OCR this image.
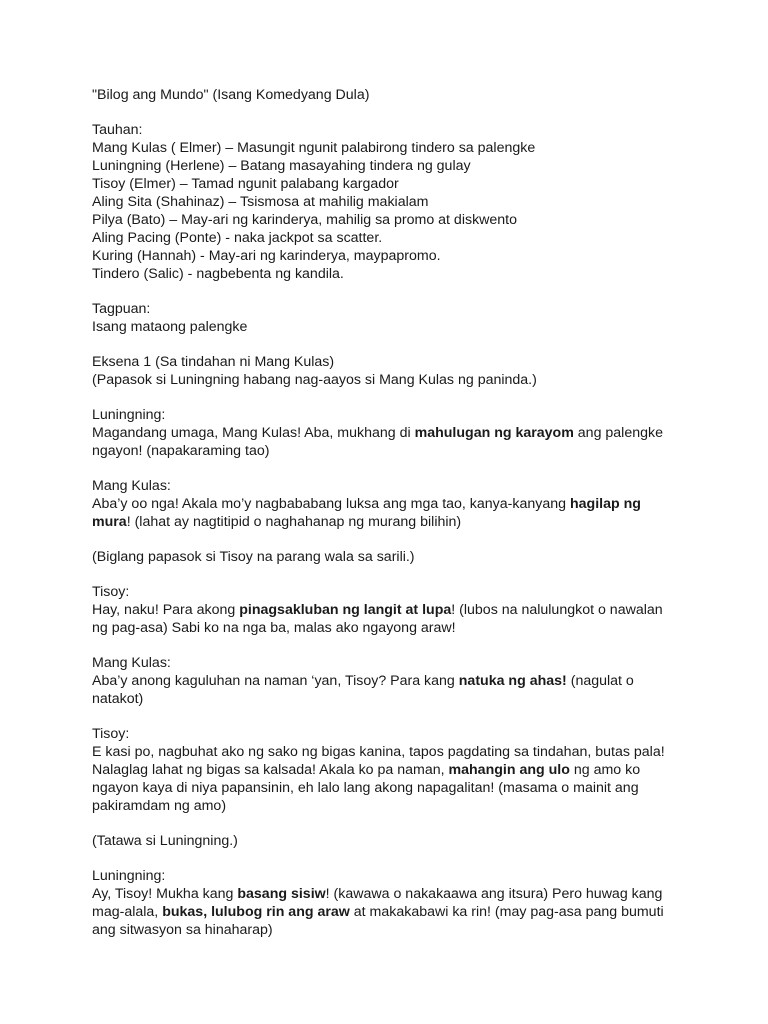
"Bilog ang Mundo" (Isang Komedyang Dula)
Tauhan:
Mang Kulas ( Elmer) – Masungit ngunit palabirong tindero sa palengke
Luningning (Herlene) – Batang masayahing tindera ng gulay
Tisoy (Elmer) – Tamad ngunit palabang kargador
Aling Sita (Shahinaz) – Tsismosa at mahilig makialam
Pilya (Bato) – May-ari ng karinderya, mahilig sa promo at diskwento
Aling Pacing (Ponte) - naka jackpot sa scatter.
Kuring (Hannah) - May-ari ng karinderya, maypapromo.
Tindero (Salic) - nagbebenta ng kandila.
Tagpuan:
Isang mataong palengke
Eksena 1 (Sa tindahan ni Mang Kulas)
(Papasok si Luningning habang nag-aayos si Mang Kulas ng paninda.)
Luningning:
Magandang umaga, Mang Kulas! Aba, mukhang di mahulugan ng karayom ang palengke
ngayon! (napakaraming tao)
Mang Kulas:
Aba’y oo nga! Akala mo’y nagbababang luksa ang mga tao, kanya-kanyang hagilap ng
mura! (lahat ay nagtitipid o naghahanap ng murang bilihin)
(Biglang papasok si Tisoy na parang wala sa sarili.)
Tisoy:
Hay, naku! Para akong pinagsakluban ng langit at lupa! (lubos na nalulungkot o nawalan
ng pag-asa) Sabi ko na nga ba, malas ako ngayong araw!
Mang Kulas:
Aba’y anong kaguluhan na naman ‘yan, Tisoy? Para kang natuka ng ahas! (nagulat o
natakot)
Tisoy:
E kasi po, nagbuhat ako ng sako ng bigas kanina, tapos pagdating sa tindahan, butas pala!
Nalaglag lahat ng bigas sa kalsada! Akala ko pa naman, mahangin ang ulo ng amo ko
ngayon kaya di niya papansinin, eh lalo lang akong napagalitan! (masama o mainit ang
pakiramdam ng amo)
(Tatawa si Luningning.)
Luningning:
Ay, Tisoy! Mukha kang basang sisiw! (kawawa o nakakaawa ang itsura) Pero huwag kang
mag-alala, bukas, lulubog rin ang araw at makakabawi ka rin! (may pag-asa pang bumuti
ang sitwasyon sa hinaharap)
